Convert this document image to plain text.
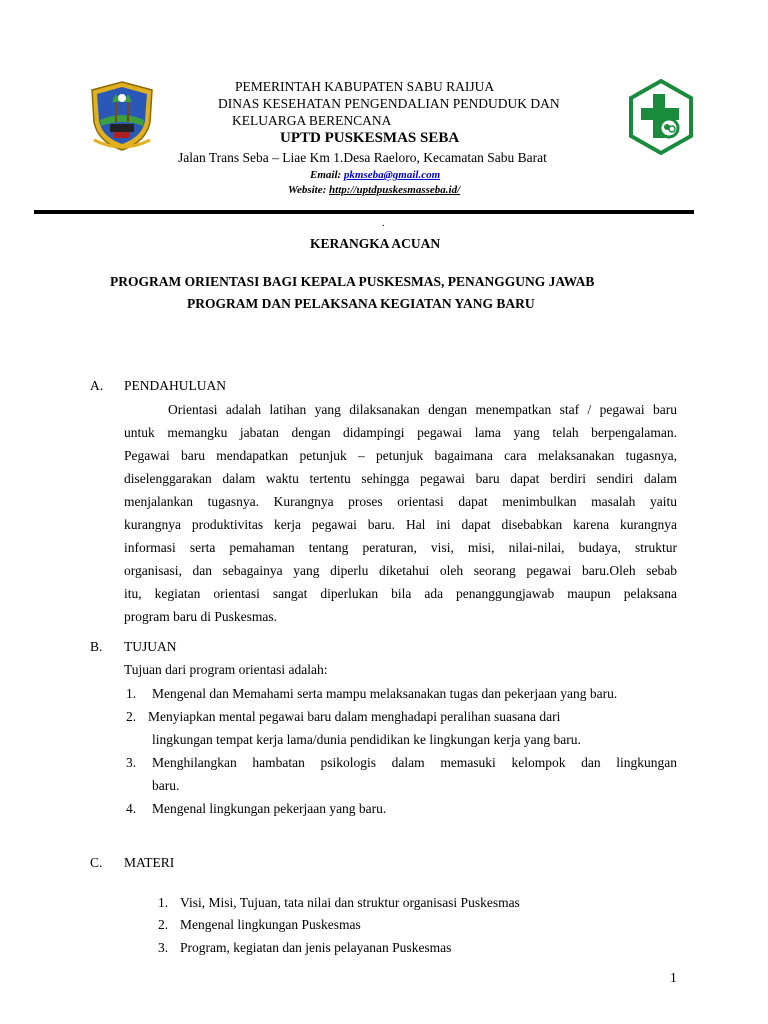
PEMERINTAH KABUPATEN SABU RAIJUA
DINAS KESEHATAN PENGENDALIAN PENDUDUK DAN
KELUARGA BERENCANA
UPTD PUSKESMAS SEBA
Jalan Trans Seba – Liae Km 1.Desa Raeloro, Kecamatan Sabu Barat
Email: pkmseba@gmail.com
Website: http://uptdpuskesmasseba.id/
.
KERANGKA ACUAN
PROGRAM ORIENTASI BAGI KEPALA PUSKESMAS, PENANGGUNG JAWAB
PROGRAM DAN PELAKSANA KEGIATAN YANG BARU
A. PENDAHULUAN
Orientasi adalah latihan yang dilaksanakan dengan menempatkan staf / pegawai baru
untuk memangku jabatan dengan didampingi pegawai lama yang telah berpengalaman.
Pegawai baru mendapatkan petunjuk – petunjuk bagaimana cara melaksanakan tugasnya,
diselenggarakan dalam waktu tertentu sehingga pegawai baru dapat berdiri sendiri dalam
menjalankan tugasnya. Kurangnya proses orientasi dapat menimbulkan masalah yaitu
kurangnya produktivitas kerja pegawai baru. Hal ini dapat disebabkan karena kurangnya
informasi serta pemahaman tentang peraturan, visi, misi, nilai-nilai, budaya, struktur
organisasi, dan sebagainya yang diperlu diketahui oleh seorang pegawai baru.Oleh sebab
itu, kegiatan orientasi sangat diperlukan bila ada penanggungjawab maupun pelaksana
program baru di Puskesmas.
B. TUJUAN
Tujuan dari program orientasi adalah:
1. Mengenal dan Memahami serta mampu melaksanakan tugas dan pekerjaan yang baru.
2. Menyiapkan mental pegawai baru dalam menghadapi peralihan suasana dari
lingkungan tempat kerja lama/dunia pendidikan ke lingkungan kerja yang baru.
3. Menghilangkan hambatan psikologis dalam memasuki kelompok dan lingkungan
baru.
4. Mengenal lingkungan pekerjaan yang baru.
C. MATERI
1. Visi, Misi, Tujuan, tata nilai dan struktur organisasi Puskesmas
2. Mengenal lingkungan Puskesmas
3. Program, kegiatan dan jenis pelayanan Puskesmas
1
